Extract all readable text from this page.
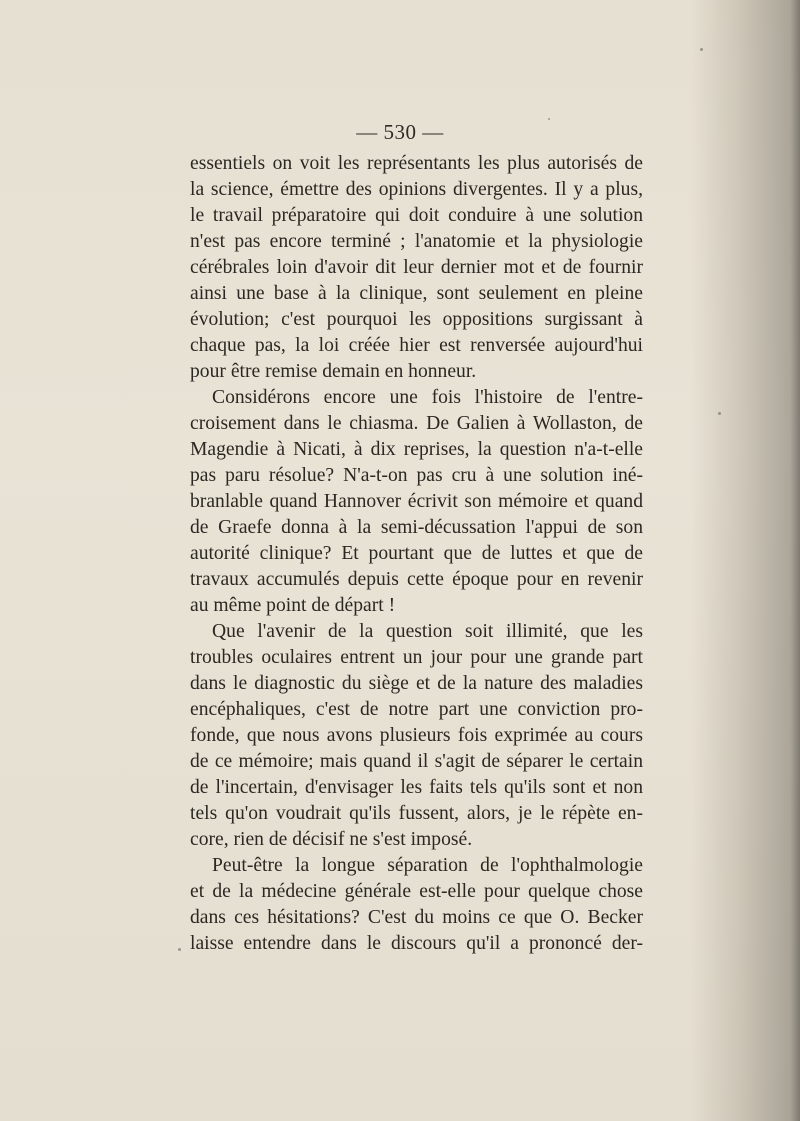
— 530 —
essentiels on voit les représentants les plus autorisés de
la science, émettre des opinions divergentes. Il y a plus,
le travail préparatoire qui doit conduire à une solution
n'est pas encore terminé ; l'anatomie et la physiologie
cérébrales loin d'avoir dit leur dernier mot et de fournir
ainsi une base à la clinique, sont seulement en pleine
évolution; c'est pourquoi les oppositions surgissant à
chaque pas, la loi créée hier est renversée aujourd'hui
pour être remise demain en honneur.
Considérons encore une fois l'histoire de l'entre-
croisement dans le chiasma. De Galien à Wollaston, de
Magendie à Nicati, à dix reprises, la question n'a-t-elle
pas paru résolue? N'a-t-on pas cru à une solution iné-
branlable quand Hannover écrivit son mémoire et quand
de Graefe donna à la semi-décussation l'appui de son
autorité clinique? Et pourtant que de luttes et que de
travaux accumulés depuis cette époque pour en revenir
au même point de départ !
Que l'avenir de la question soit illimité, que les
troubles oculaires entrent un jour pour une grande part
dans le diagnostic du siège et de la nature des maladies
encéphaliques, c'est de notre part une conviction pro-
fonde, que nous avons plusieurs fois exprimée au cours
de ce mémoire; mais quand il s'agit de séparer le certain
de l'incertain, d'envisager les faits tels qu'ils sont et non
tels qu'on voudrait qu'ils fussent, alors, je le répète en-
core, rien de décisif ne s'est imposé.
Peut-être la longue séparation de l'ophthalmologie
et de la médecine générale est-elle pour quelque chose
dans ces hésitations? C'est du moins ce que O. Becker
laisse entendre dans le discours qu'il a prononcé der-
